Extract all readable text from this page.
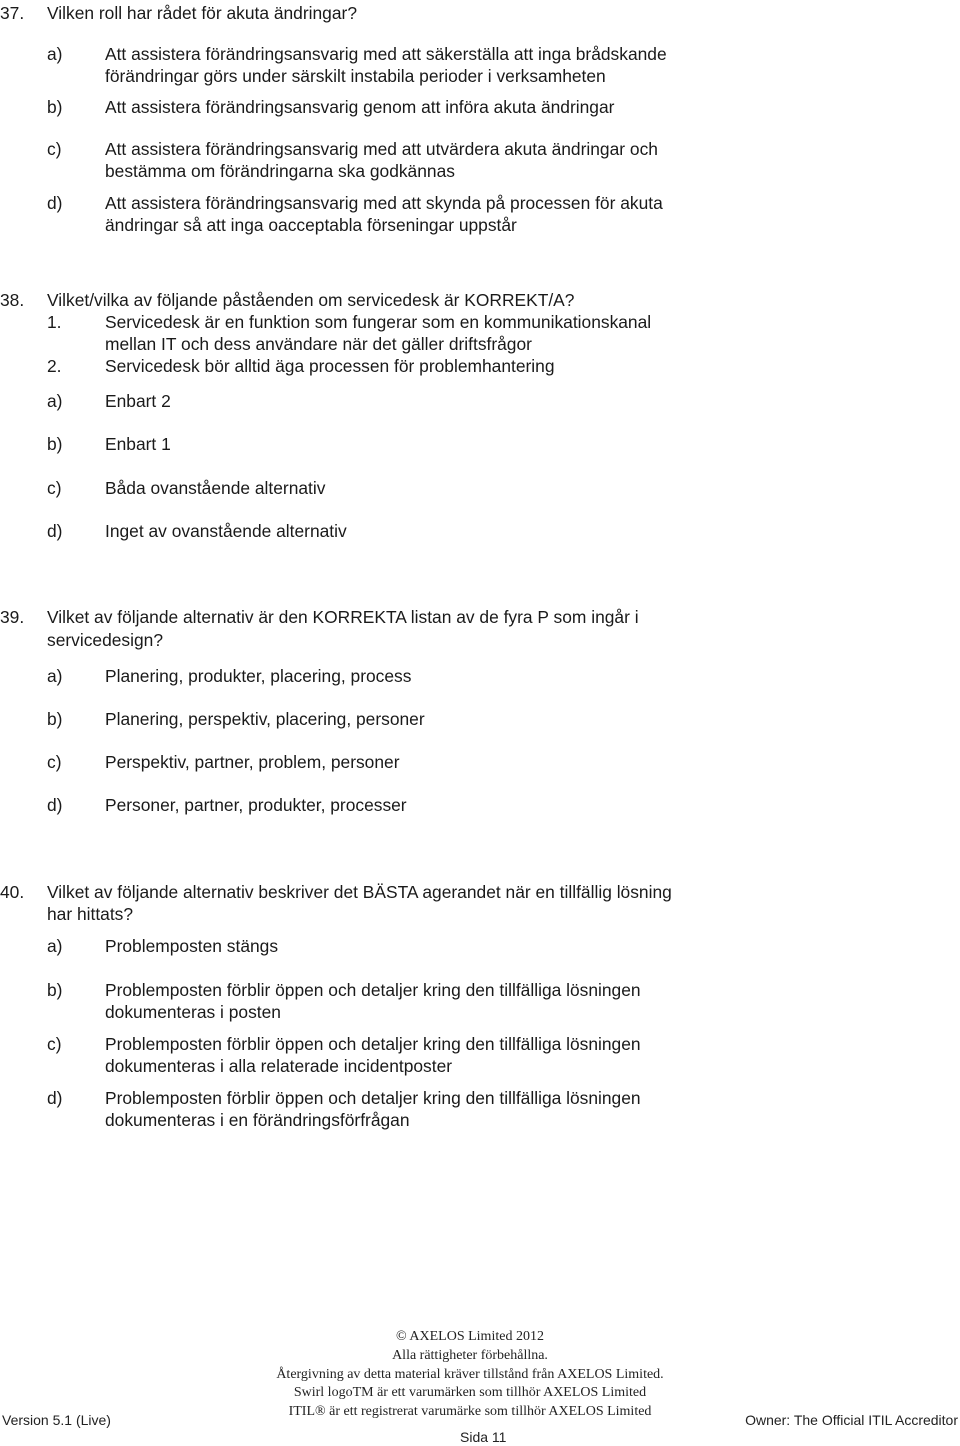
37. Vilken roll har rådet för akuta ändringar?
a) Att assistera förändringsansvarig med att säkerställa att inga brådskande
förändringar görs under särskilt instabila perioder i verksamheten
b) Att assistera förändringsansvarig genom att införa akuta ändringar
c)	Att assistera förändringsansvarig med att utvärdera akuta ändringar och
bestämma om förändringarna ska godkännas
d) Att assistera förändringsansvarig med att skynda på processen för akuta
ändringar så att inga oacceptabla förseningar uppstår
38. Vilket/vilka av följande påståenden om servicedesk är KORREKT/A?
1. Servicedesk är en funktion som fungerar som en kommunikationskanal
mellan IT och dess användare när det gäller driftsfrågor
2. Servicedesk bör alltid äga processen för problemhantering
a) Enbart 2
b) Enbart 1
c)	Båda ovanstående alternativ
d) Inget av ovanstående alternativ
39. Vilket av följande alternativ är den KORREKTA listan av de fyra P som ingår i
servicedesign?
a) Planering, produkter, placering, process
b) Planering, perspektiv, placering, personer
c)	Perspektiv, partner, problem, personer
d) Personer, partner, produkter, processer
40. Vilket av följande alternativ beskriver det BÄSTA agerandet när en tillfällig lösning
har hittats?
a) Problemposten stängs
b) Problemposten förblir öppen och detaljer kring den tillfälliga lösningen
dokumenteras i posten
c)	Problemposten förblir öppen och detaljer kring den tillfälliga lösningen
dokumenteras i alla relaterade incidentposter
d) Problemposten förblir öppen och detaljer kring den tillfälliga lösningen
dokumenteras i en förändringsförfrågan
© AXELOS Limited 2012
Alla rättigheter förbehållna.
Återgivning av detta material kräver tillstånd från AXELOS Limited.
Swirl logoTM är ett varumärken som tillhör AXELOS Limited
ITIL® är ett registrerat varumärke som tillhör AXELOS Limited
Version 5.1 (Live)	Owner: The Official ITIL Accreditor
Sida 11
